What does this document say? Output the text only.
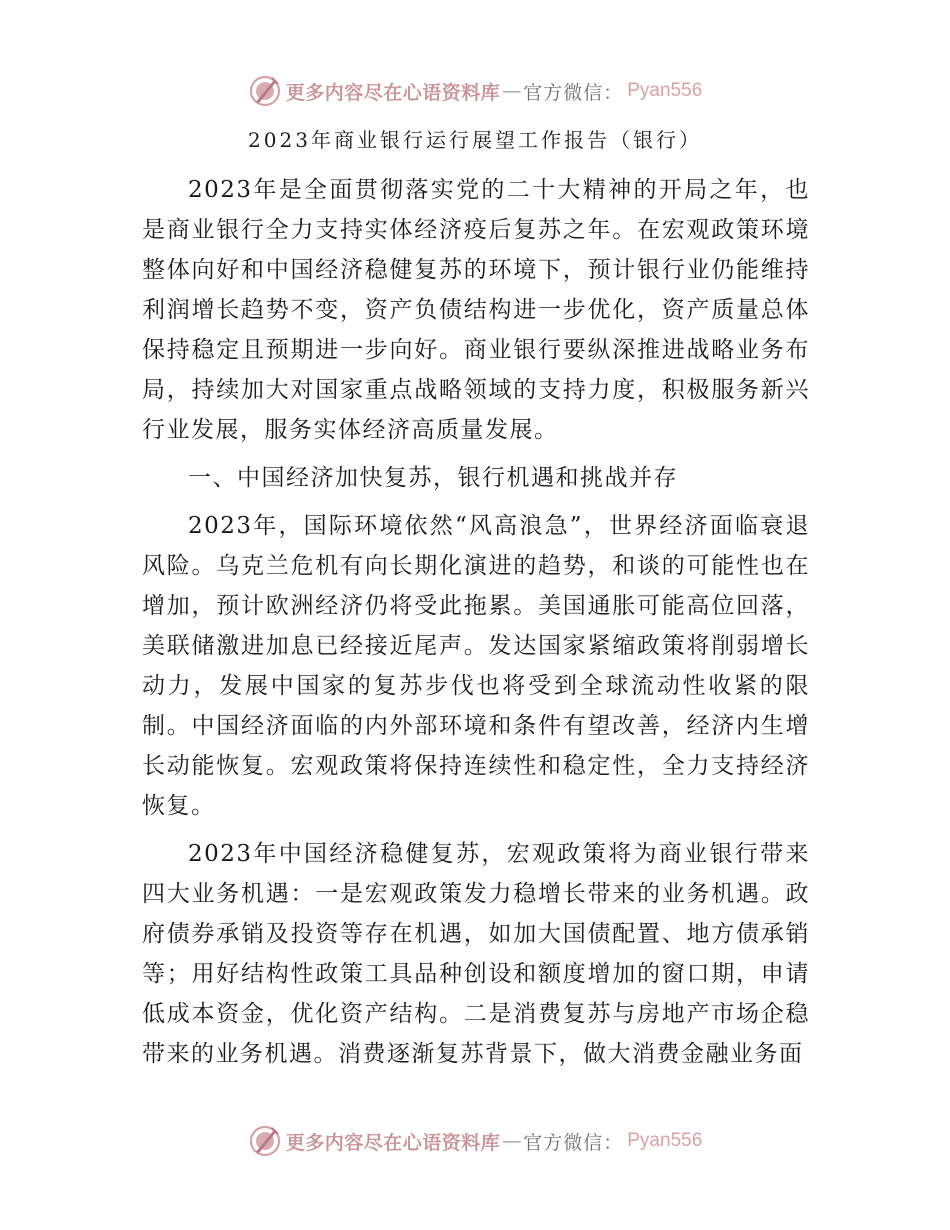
更多内容尽在心语资料库 — 官方微信： Pyan556
2023年商业银行运行展望工作报告（银行）

2023年是全面贯彻落实党的二十大精神的开局之年，也是商业银行全力支持实体经济疫后复苏之年。在宏观政策环境整体向好和中国经济稳健复苏的环境下，预计银行业仍能维持利润增长趋势不变，资产负债结构进一步优化，资产质量总体保持稳定且预期进一步向好。商业银行要纵深推进战略业务布局，持续加大对国家重点战略领域的支持力度，积极服务新兴行业发展，服务实体经济高质量发展。

一、中国经济加快复苏，银行机遇和挑战并存

2023年，国际环境依然“风高浪急”，世界经济面临衰退风险。乌克兰危机有向长期化演进的趋势，和谈的可能性也在增加，预计欧洲经济仍将受此拖累。美国通胀可能高位回落，美联储激进加息已经接近尾声。发达国家紧缩政策将削弱增长动力，发展中国家的复苏步伐也将受到全球流动性收紧的限制。中国经济面临的内外部环境和条件有望改善，经济内生增长动能恢复。宏观政策将保持连续性和稳定性，全力支持经济恢复。

2023年中国经济稳健复苏，宏观政策将为商业银行带来四大业务机遇：一是宏观政策发力稳增长带来的业务机遇。政府债券承销及投资等存在机遇，如加大国债配置、地方债承销等；用好结构性政策工具品种创设和额度增加的窗口期，申请低成本资金，优化资产结构。二是消费复苏与房地产市场企稳带来的业务机遇。消费逐渐复苏背景下，做大消费金融业务面

更多内容尽在心语资料库 — 官方微信： Pyan556
